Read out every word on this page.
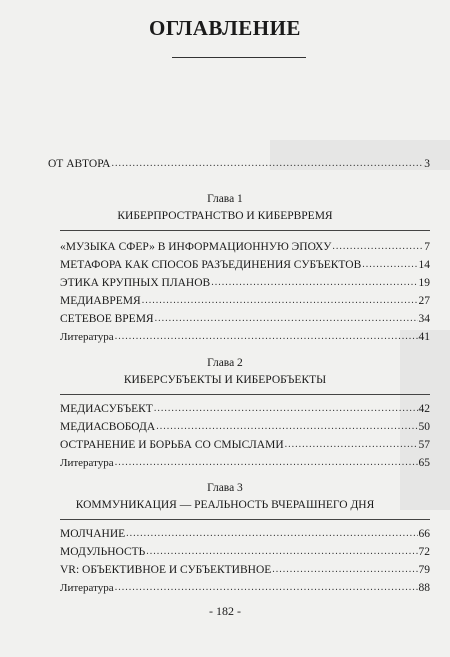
ОГЛАВЛЕНИЕ
ОТ АВТОРА .....	3
Глава 1
КИБЕРПРОСТРАНСТВО И КИБЕРВРЕМЯ
«МУЗЫКА СФЕР» В ИНФОРМАЦИОННУЮ ЭПОХУ .....	7
МЕТАФОРА КАК СПОСОБ РАЗЪЕДИНЕНИЯ СУБЪЕКТОВ .....	14
ЭТИКА КРУПНЫХ ПЛАНОВ .....	19
МЕДИАВРЕМЯ .....	27
СЕТЕВОЕ ВРЕМЯ .....	34
Литература .....	41
Глава 2
КИБЕРСУБЪЕКТЫ И КИБЕРОБЪЕКТЫ
МЕДИАСУБЪЕКТ .....	42
МЕДИАСВОБОДА .....	50
ОСТРАНЕНИЕ И БОРЬБА СО СМЫСЛАМИ .....	57
Литература .....	65
Глава 3
КОММУНИКАЦИЯ — РЕАЛЬНОСТЬ ВЧЕРАШНЕГО ДНЯ
МОЛЧАНИЕ .....	66
МОДУЛЬНОСТЬ .....	72
VR: ОБЪЕКТИВНОЕ И СУБЪЕКТИВНОЕ .....	79
Литература .....	88
- 182 -
